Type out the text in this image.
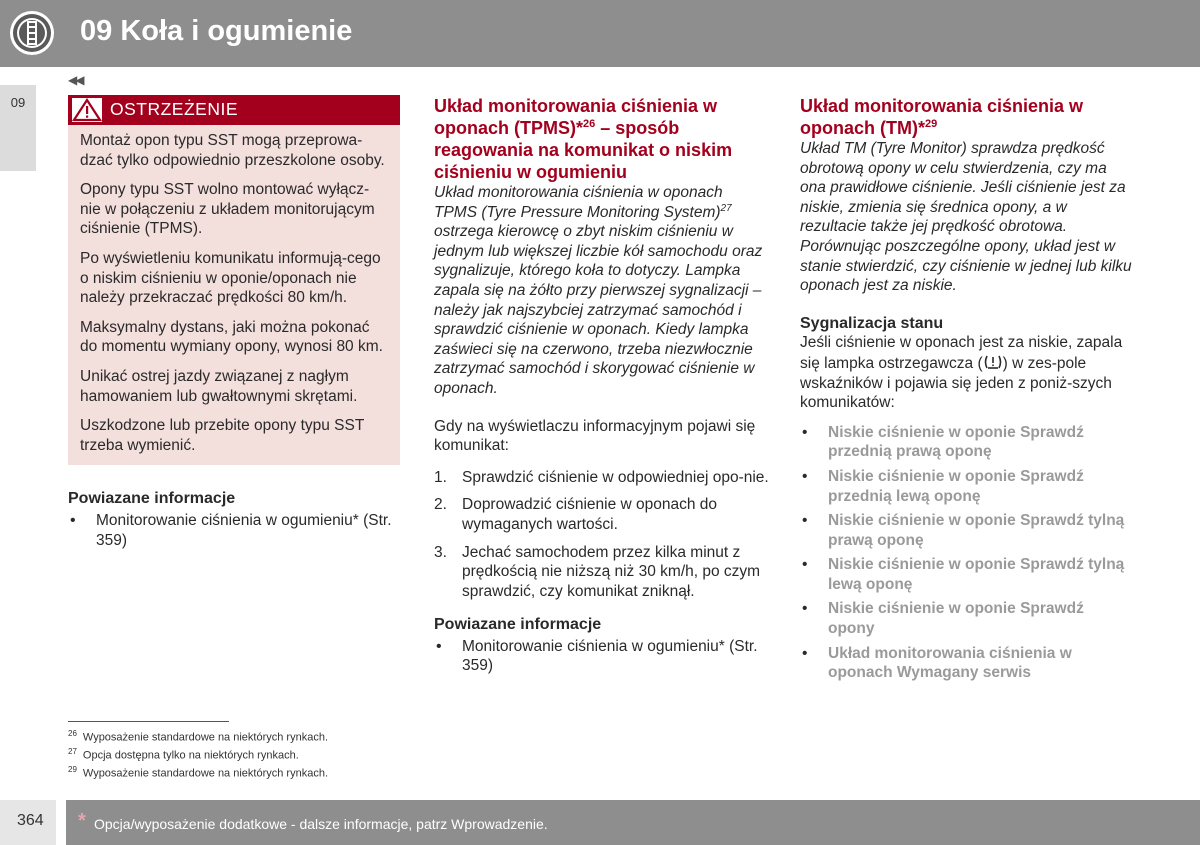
09 Koła i ogumienie
09
◀◀
OSTRZEŻENIE

Montaż opon typu SST mogą przeprowa-dzać tylko odpowiednio przeszkolone osoby.

Opony typu SST wolno montować wyłącz-nie w połączeniu z układem monitorującym ciśnienie (TPMS).

Po wyświetleniu komunikatu informują-cego o niskim ciśnieniu w oponie/oponach nie należy przekraczać prędkości 80 km/h.

Maksymalny dystans, jaki można pokonać do momentu wymiany opony, wynosi 80 km.

Unikać ostrej jazdy związanej z nagłym hamowaniem lub gwałtownymi skrętami.

Uszkodzone lub przebite opony typu SST trzeba wymienić.

Powiazane informacje
• Monitorowanie ciśnienia w ogumieniu* (Str. 359)
Układ monitorowania ciśnienia w oponach (TPMS)*$^{26}$ – sposób reagowania na komunikat o niskim ciśnieniu w ogumieniu

Układ monitorowania ciśnienia w oponach TPMS (Tyre Pressure Monitoring System)$^{27}$ ostrzega kierowcę o zbyt niskim ciśnieniu w jednym lub większej liczbie kół samochodu oraz sygnalizuje, którego koła to dotyczy. Lampka zapala się na żółto przy pierwszej sygnalizacji – należy jak najszybciej zatrzymać samochód i sprawdzić ciśnienie w oponach. Kiedy lampka zaświeci się na czerwono, trzeba niezwłocznie zatrzymać samochód i skorygować ciśnienie w oponach.

Gdy na wyświetlaczu informacyjnym pojawi się komunikat:

1. Sprawdzić ciśnienie w odpowiedniej opo-nie.
2. Doprowadzić ciśnienie w oponach do wymaganych wartości.
3. Jechać samochodem przez kilka minut z prędkością nie niższą niż 30 km/h, po czym sprawdzić, czy komunikat zniknął.
Powiazane informacje
• Monitorowanie ciśnienia w ogumieniu* (Str. 359)
Układ monitorowania ciśnienia w oponach (TM)*$^{29}$

Układ TM (Tyre Monitor) sprawdza prędkość obrotową opony w celu stwierdzenia, czy ma ona prawidłowe ciśnienie. Jeśli ciśnienie jest za niskie, zmienia się średnica opony, a w rezultacie także jej prędkość obrotowa. Porównując poszczególne opony, układ jest w stanie stwierdzić, czy ciśnienie w jednej lub kilku oponach jest za niskie.

Sygnalizacja stanu

Jeśli ciśnienie w oponach jest za niskie, zapala się lampka ostrzegawcza ( ) w zes-pole wskaźników i pojawia się jeden z poniż-szych komunikatów:

• Niskie ciśnienie w oponie Sprawdź przednią prawą oponę
• Niskie ciśnienie w oponie Sprawdź przednią lewą oponę
• Niskie ciśnienie w oponie Sprawdź tylną prawą oponę
• Niskie ciśnienie w oponie Sprawdź tylną lewą oponę
• Niskie ciśnienie w oponie Sprawdź opony
• Układ monitorowania ciśnienia w oponach Wymagany serwis
$^{26}$ Wyposażenie standardowe na niektórych rynkach.
$^{27}$ Opcja dostępna tylko na niektórych rynkach.
$^{29}$ Wyposażenie standardowe na niektórych rynkach.
364 * Opcja/wyposażenie dodatkowe - dalsze informacje, patrz Wprowadzenie.
